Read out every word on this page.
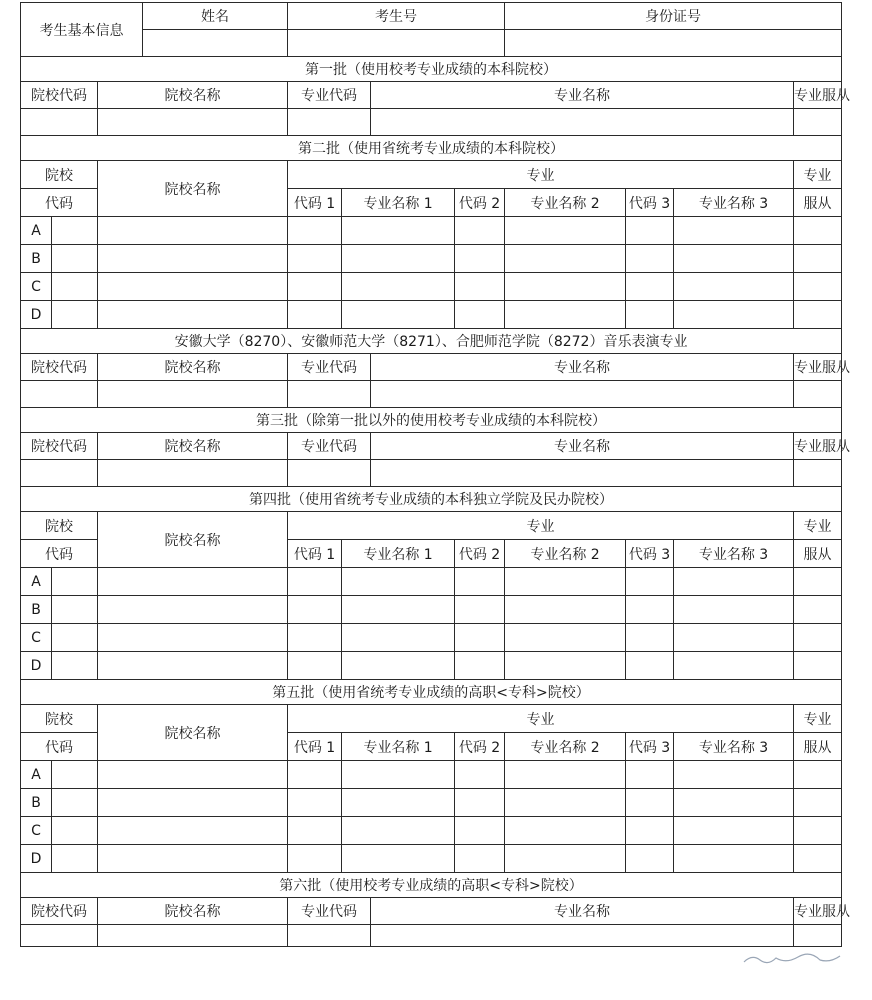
考生基本信息			姓名	考生号				身份证号			

第一批（使用校考专业成绩的本科院校）											
院校代码		院校名称		专业代码		专业名称					专业服从

第二批（使用省统考专业成绩的本科院校）											
院校		院校名称		专业							专业
代码				代码 1	专业名称 1		代码 2	专业名称 2	代码 3	专业名称 3	服从
A											
B											
C											
D											
安徽大学（8270）、安徽师范大学（8271）、合肥师范学院（8272）音乐表演专业											
院校代码		院校名称		专业代码		专业名称					专业服从

第三批（除第一批以外的使用校考专业成绩的本科院校）											
院校代码		院校名称		专业代码		专业名称					专业服从

第四批（使用省统考专业成绩的本科独立学院及民办院校）											
院校		院校名称		专业							专业
代码				代码 1	专业名称 1		代码 2	专业名称 2	代码 3	专业名称 3	服从
A											
B											
C											
D											
第五批（使用省统考专业成绩的高职<专科>院校）											
院校		院校名称		专业							专业
代码				代码 1	专业名称 1		代码 2	专业名称 2	代码 3	专业名称 3	服从
A											
B											
C											
D											
第六批（使用校考专业成绩的高职<专科>院校）											
院校代码		院校名称		专业代码		专业名称					专业服从
